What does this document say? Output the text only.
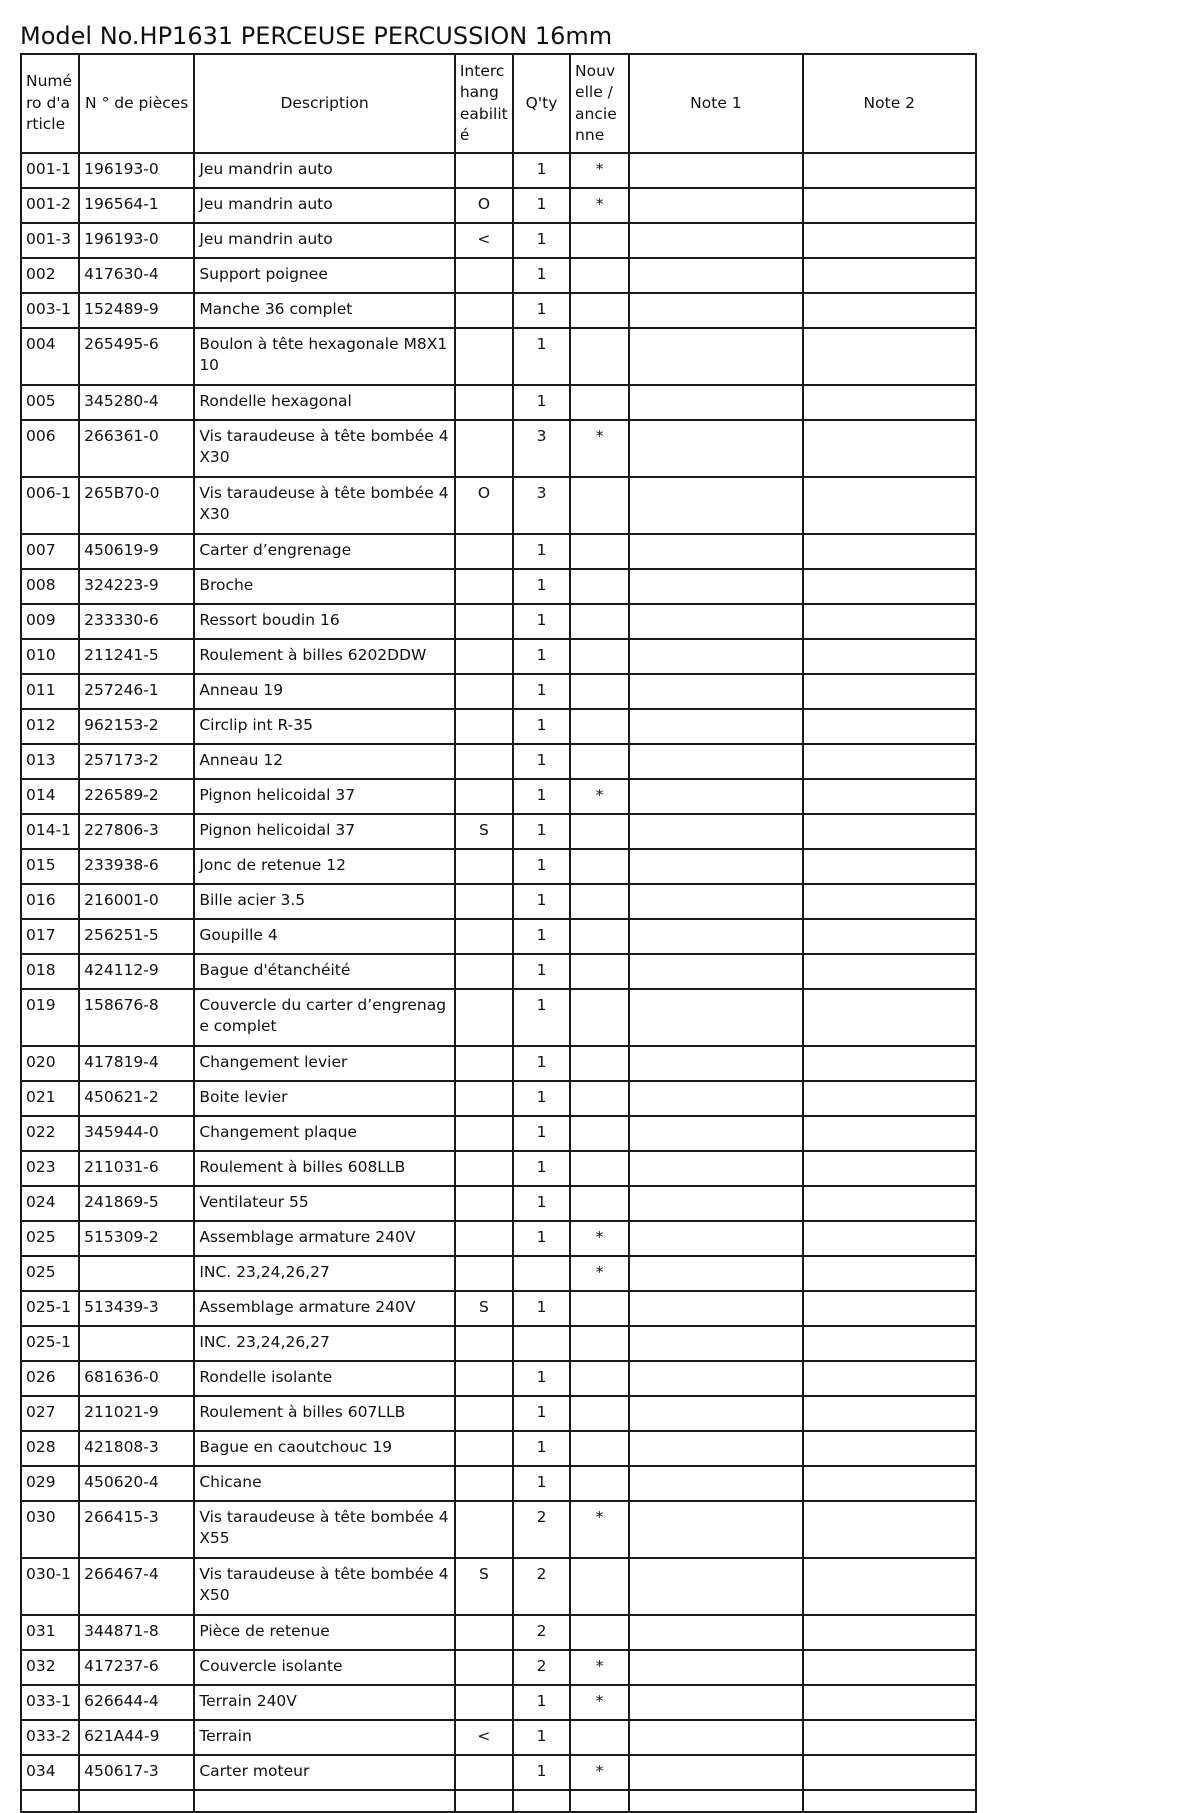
Model No.HP1631 PERCEUSE PERCUSSION 16mm
Numé ro d'a rticle	N ° de pièces	Description	Interc hang eabilit é	Q'ty	Nouv elle / ancie nne	Note 1	Note 2
001-1	196193-0	Jeu mandrin auto		1	*		
001-2	196564-1	Jeu mandrin auto	O	1	*		
001-3	196193-0	Jeu mandrin auto	<	1			
002	417630-4	Support poignee		1			
003-1	152489-9	Manche 36 complet		1			
004	265495-6	Boulon à tête hexagonale M8X110		1			
005	345280-4	Rondelle hexagonal		1			
006	266361-0	Vis taraudeuse à tête bombée 4X30		3	*		
006-1	265B70-0	Vis taraudeuse à tête bombée 4X30	O	3			
007	450619-9	Carter d’engrenage		1			
008	324223-9	Broche		1			
009	233330-6	Ressort boudin 16		1			
010	211241-5	Roulement à billes 6202DDW		1			
011	257246-1	Anneau 19		1			
012	962153-2	Circlip int R-35		1			
013	257173-2	Anneau 12		1			
014	226589-2	Pignon helicoidal 37		1	*		
014-1	227806-3	Pignon helicoidal 37	S	1			
015	233938-6	Jonc de retenue 12		1			
016	216001-0	Bille acier 3.5		1			
017	256251-5	Goupille 4		1			
018	424112-9	Bague d'étanchéité		1			
019	158676-8	Couvercle du carter d’engrenage complet		1			
020	417819-4	Changement levier		1			
021	450621-2	Boite levier		1			
022	345944-0	Changement plaque		1			
023	211031-6	Roulement à billes 608LLB		1			
024	241869-5	Ventilateur 55		1			
025	515309-2	Assemblage armature 240V		1	*		
025		INC. 23,24,26,27			*		
025-1	513439-3	Assemblage armature 240V	S	1			
025-1		INC. 23,24,26,27					
026	681636-0	Rondelle isolante		1			
027	211021-9	Roulement à billes 607LLB		1			
028	421808-3	Bague en caoutchouc 19		1			
029	450620-4	Chicane		1			
030	266415-3	Vis taraudeuse à tête bombée 4X55		2	*		
030-1	266467-4	Vis taraudeuse à tête bombée 4X50	S	2			
031	344871-8	Pièce de retenue		2			
032	417237-6	Couvercle isolante		2	*		
033-1	626644-4	Terrain 240V		1	*		
033-2	621A44-9	Terrain	<	1			
034	450617-3	Carter moteur		1	*		
